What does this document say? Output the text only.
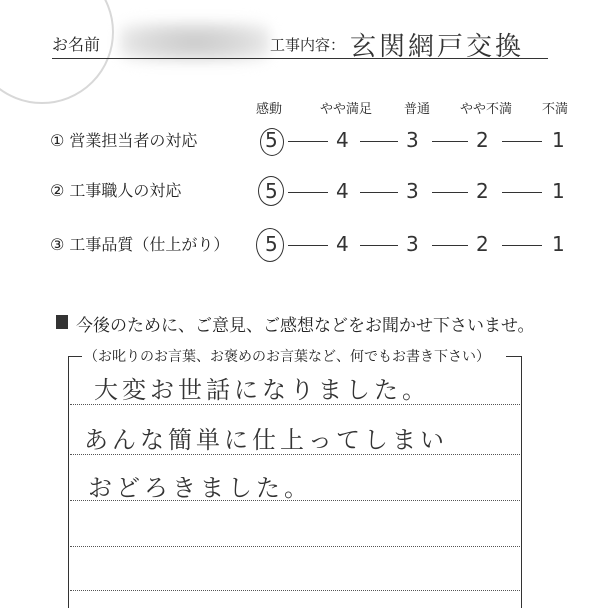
お名前	工事内容： 玄関網戸交換
感動	やや満足 普通 やや不満 不満
① 営業担当者の対応	5	4	3	2	1
② 工事職人の対応	5	4	3	2	1
③ 工事品質（仕上がり） 5	4	3	2	1
今後のために、ご意見、ご感想などをお聞かせ下さいませ。
（お叱りのお言葉、お褒めのお言葉など、何でもお書き下さい）
大変お世話になりました。
あんな簡単に仕上ってしまい
おどろきました。
